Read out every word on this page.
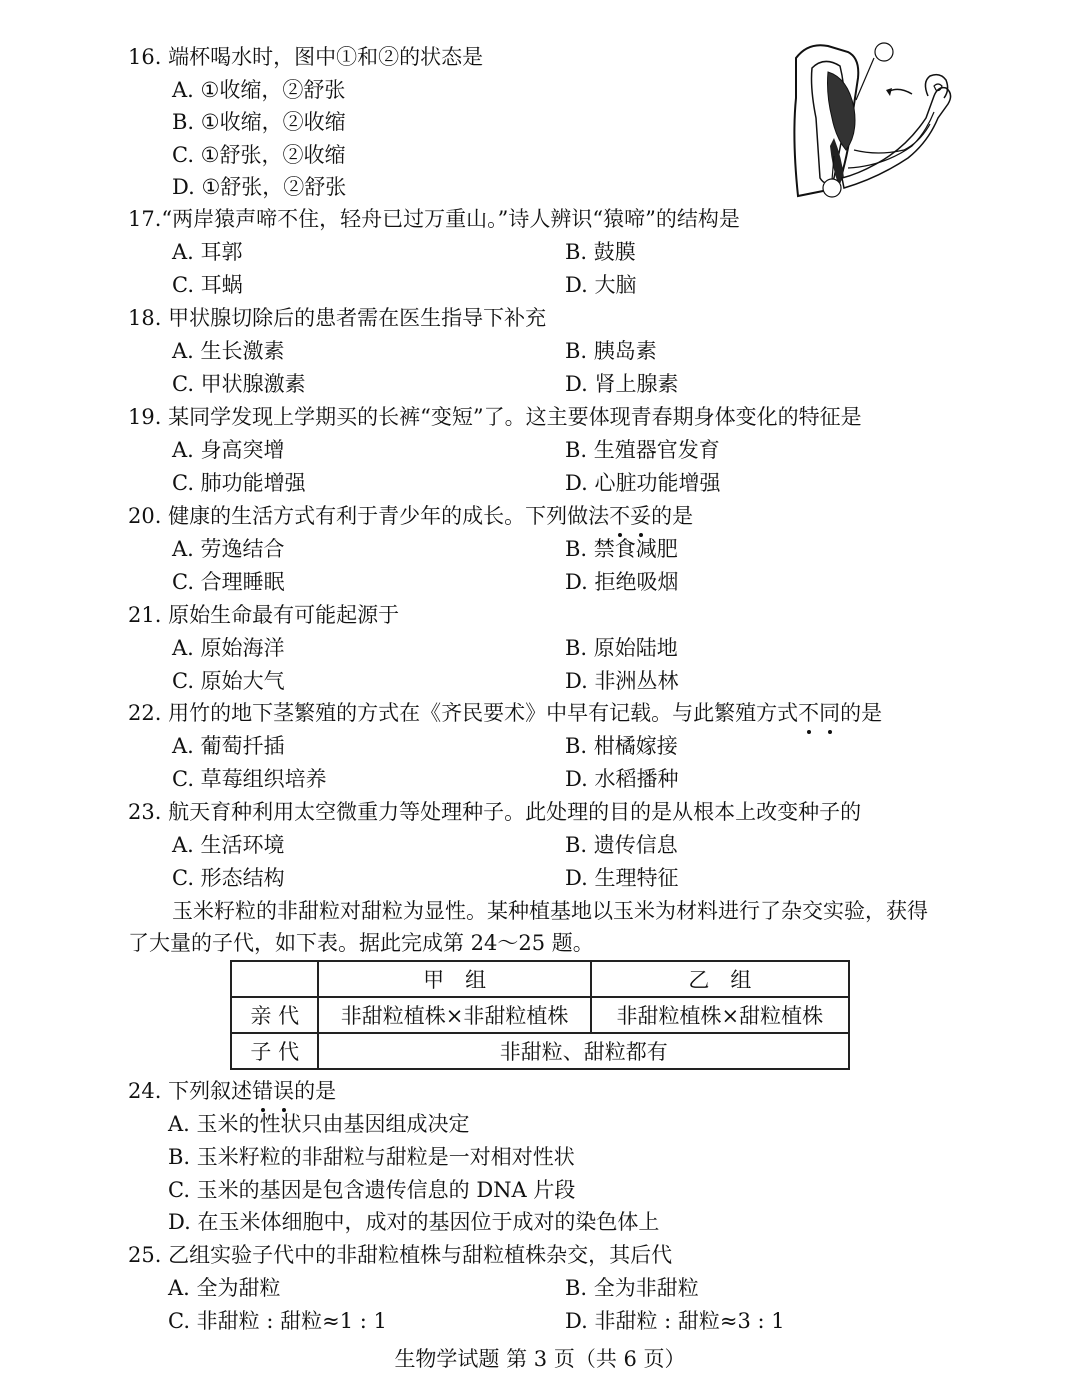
16. 端杯喝水时，图中①和②的状态是
A. ①收缩，②舒张
B. ①收缩，②收缩
C. ①舒张，②收缩
D. ①舒张，②舒张
17.“两岸猿声啼不住，轻舟已过万重山。”诗人辨识“猿啼”的结构是
A. 耳郭	B. 鼓膜
C. 耳蜗	D. 大脑
18. 甲状腺切除后的患者需在医生指导下补充
A. 生长激素	B. 胰岛素
C. 甲状腺激素	D. 肾上腺素
19. 某同学发现上学期买的长裤“变短”了。这主要体现青春期身体变化的特征是
A. 身高突增	B. 生殖器官发育
C. 肺功能增强	D. 心脏功能增强
20. 健康的生活方式有利于青少年的成长。下列做法不妥的是
A. 劳逸结合	B. 禁食减肥
C. 合理睡眠	D. 拒绝吸烟
21. 原始生命最有可能起源于
A. 原始海洋	B. 原始陆地
C. 原始大气	D. 非洲丛林
22. 用竹的地下茎繁殖的方式在《齐民要术》中早有记载。与此繁殖方式不同的是
A. 葡萄扦插	B. 柑橘嫁接
C. 草莓组织培养	D. 水稻播种
23. 航天育种利用太空微重力等处理种子。此处理的目的是从根本上改变种子的
A. 生活环境	B. 遗传信息
C. 形态结构	D. 生理特征
玉米籽粒的非甜粒对甜粒为显性。某种植基地以玉米为材料进行了杂交实验，获得
了大量的子代，如下表。据此完成第 24～25 题。
	甲　组	乙　组
亲 代	非甜粒植株×非甜粒植株	非甜粒植株×甜粒植株
子 代	非甜粒、甜粒都有	
24. 下列叙述错误的是
A. 玉米的性状只由基因组成决定
B. 玉米籽粒的非甜粒与甜粒是一对相对性状
C. 玉米的基因是包含遗传信息的 DNA 片段
D. 在玉米体细胞中，成对的基因位于成对的染色体上
25. 乙组实验子代中的非甜粒植株与甜粒植株杂交，其后代
A. 全为甜粒	B. 全为非甜粒
C. 非甜粒 : 甜粒≈1 : 1	D. 非甜粒 : 甜粒≈3 : 1
生物学试题 第 3 页（共 6 页）
